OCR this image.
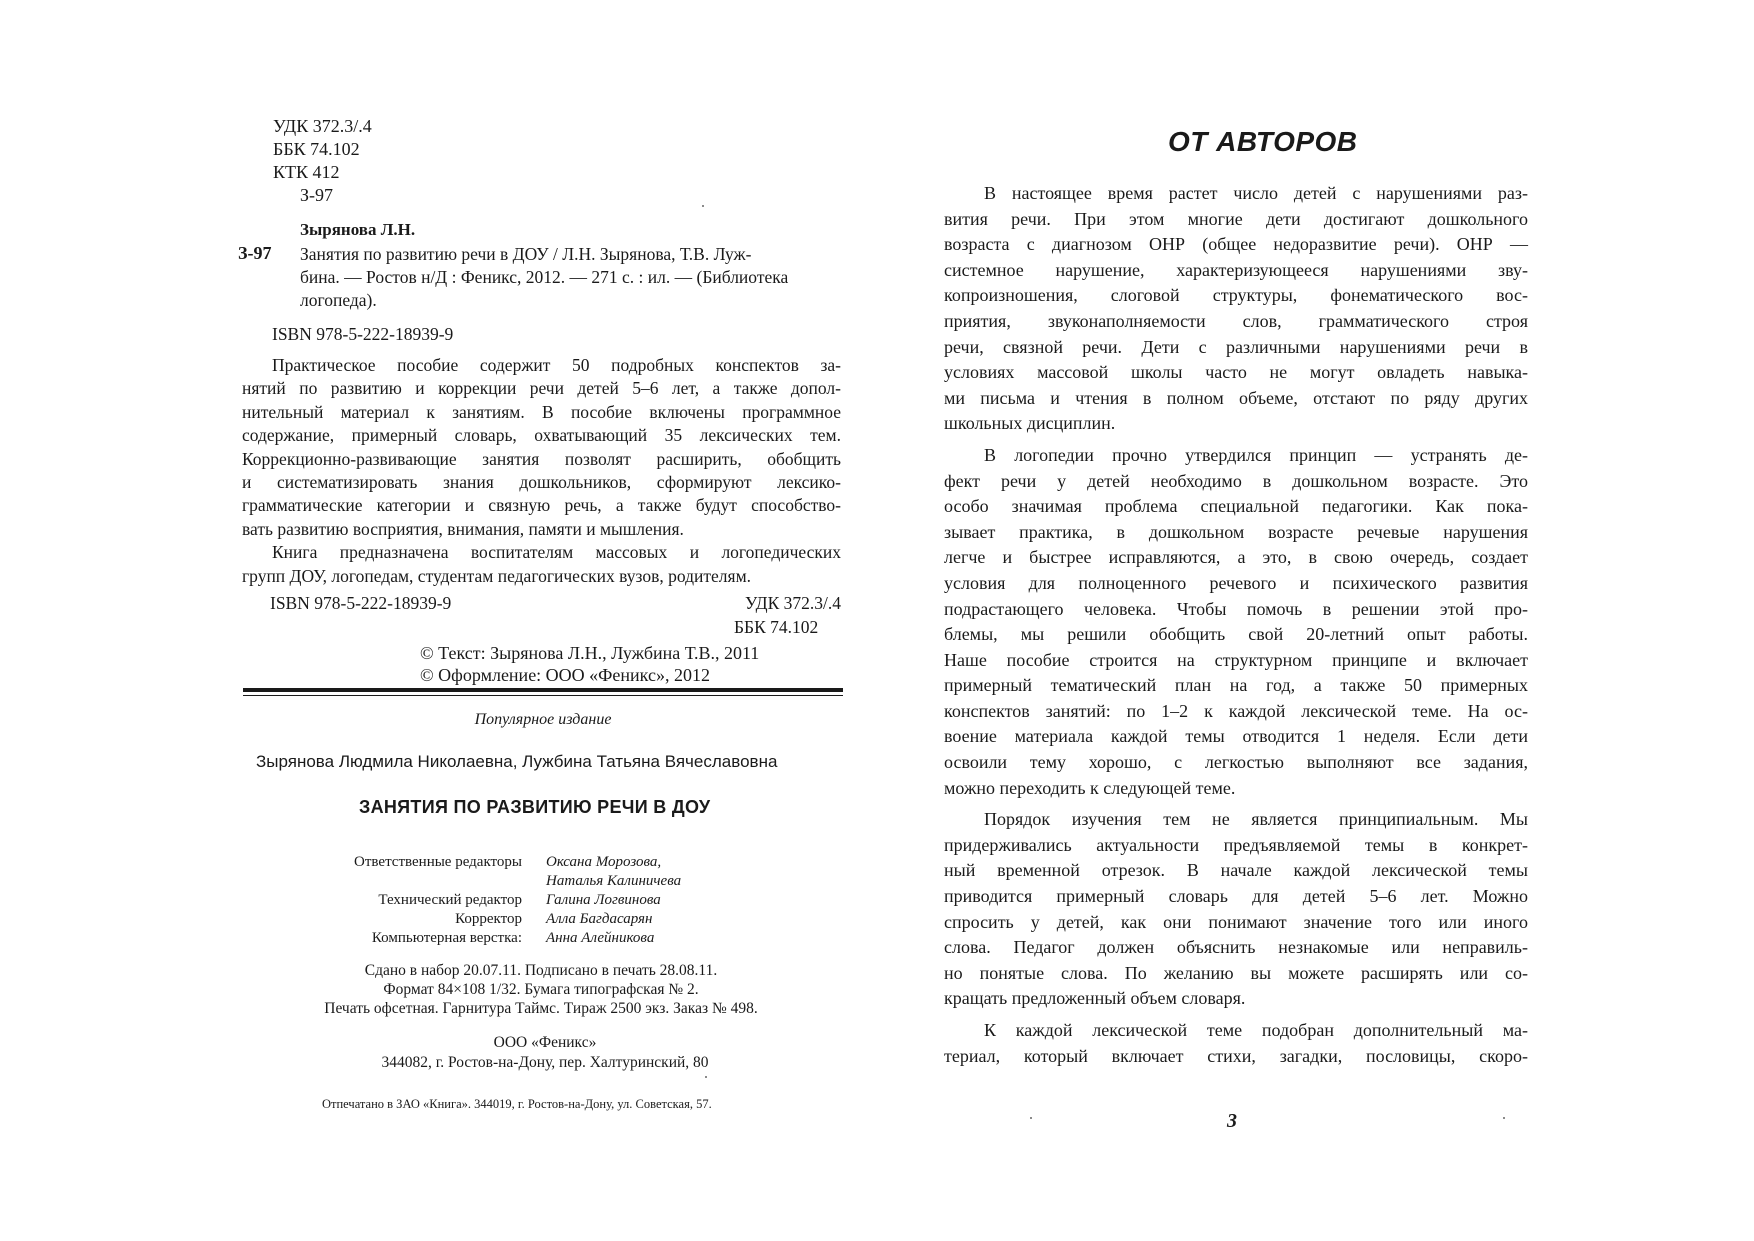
УДК 372.3/.4
ББК 74.102
КТК 412
З-97
Зырянова Л.Н.
З-97 Занятия по развитию речи в ДОУ / Л.Н. Зырянова, Т.В. Луж-
бина. — Ростов н/Д : Феникс, 2012. — 271 с. : ил. — (Библиотека
логопеда).
ISBN 978-5-222-18939-9
Практическое пособие содержит 50 подробных конспектов за-
нятий по развитию и коррекции речи детей 5–6 лет, а также допол-
нительный материал к занятиям. В пособие включены программное
содержание, примерный словарь, охватывающий 35 лексических тем.
Коррекционно-развивающие занятия позволят расширить, обобщить
и систематизировать знания дошкольников, сформируют лексико-
грамматические категории и связную речь, а также будут способство-
вать развитию восприятия, внимания, памяти и мышления.
Книга предназначена воспитателям массовых и логопедических
групп ДОУ, логопедам, студентам педагогических вузов, родителям.
ISBN 978-5-222-18939-9	УДК 372.3/.4
ББК 74.102
© Текст: Зырянова Л.Н., Лужбина Т.В., 2011
© Оформление: ООО «Феникс», 2012
Популярное издание
Зырянова Людмила Николаевна, Лужбина Татьяна Вячеславовна
ЗАНЯТИЯ ПО РАЗВИТИЮ РЕЧИ В ДОУ
Ответственные редакторы Оксана Морозова,
Наталья Калиничева
Технический редактор Галина Логвинова
Корректор Алла Багдасарян
Компьютерная верстка: Анна Алейникова
Сдано в набор 20.07.11. Подписано в печать 28.08.11.
Формат 84×108 1/32. Бумага типографская № 2.
Печать офсетная. Гарнитура Таймс. Тираж 2500 экз. Заказ № 498.
ООО «Феникс»
344082, г. Ростов-на-Дону, пер. Халтуринский, 80
Отпечатано в ЗАО «Книга». 344019, г. Ростов-на-Дону, ул. Советская, 57.
ОТ АВТОРОВ
В настоящее время растет число детей с нарушениями раз-
вития речи. При этом многие дети достигают дошкольного
возраста с диагнозом ОНР (общее недоразвитие речи). ОНР —
системное нарушение, характеризующееся нарушениями зву-
копроизношения, слоговой структуры, фонематического вос-
приятия, звуконаполняемости слов, грамматического строя
речи, связной речи. Дети с различными нарушениями речи в
условиях массовой школы часто не могут овладеть навыка-
ми письма и чтения в полном объеме, отстают по ряду других
школьных дисциплин.
В логопедии прочно утвердился принцип — устранять де-
фект речи у детей необходимо в дошкольном возрасте. Это
особо значимая проблема специальной педагогики. Как пока-
зывает практика, в дошкольном возрасте речевые нарушения
легче и быстрее исправляются, а это, в свою очередь, создает
условия для полноценного речевого и психического развития
подрастающего человека. Чтобы помочь в решении этой про-
блемы, мы решили обобщить свой 20-летний опыт работы.
Наше пособие строится на структурном принципе и включает
примерный тематический план на год, а также 50 примерных
конспектов занятий: по 1–2 к каждой лексической теме. На ос-
воение материала каждой темы отводится 1 неделя. Если дети
освоили тему хорошо, с легкостью выполняют все задания,
можно переходить к следующей теме.
Порядок изучения тем не является принципиальным. Мы
придерживались актуальности предъявляемой темы в конкрет-
ный временной отрезок. В начале каждой лексической темы
приводится примерный словарь для детей 5–6 лет. Можно
спросить у детей, как они понимают значение того или иного
слова. Педагог должен объяснить незнакомые или неправиль-
но понятые слова. По желанию вы можете расширять или со-
кращать предложенный объем словаря.
К каждой лексической теме подобран дополнительный ма-
териал, который включает стихи, загадки, пословицы, скоро-
3
